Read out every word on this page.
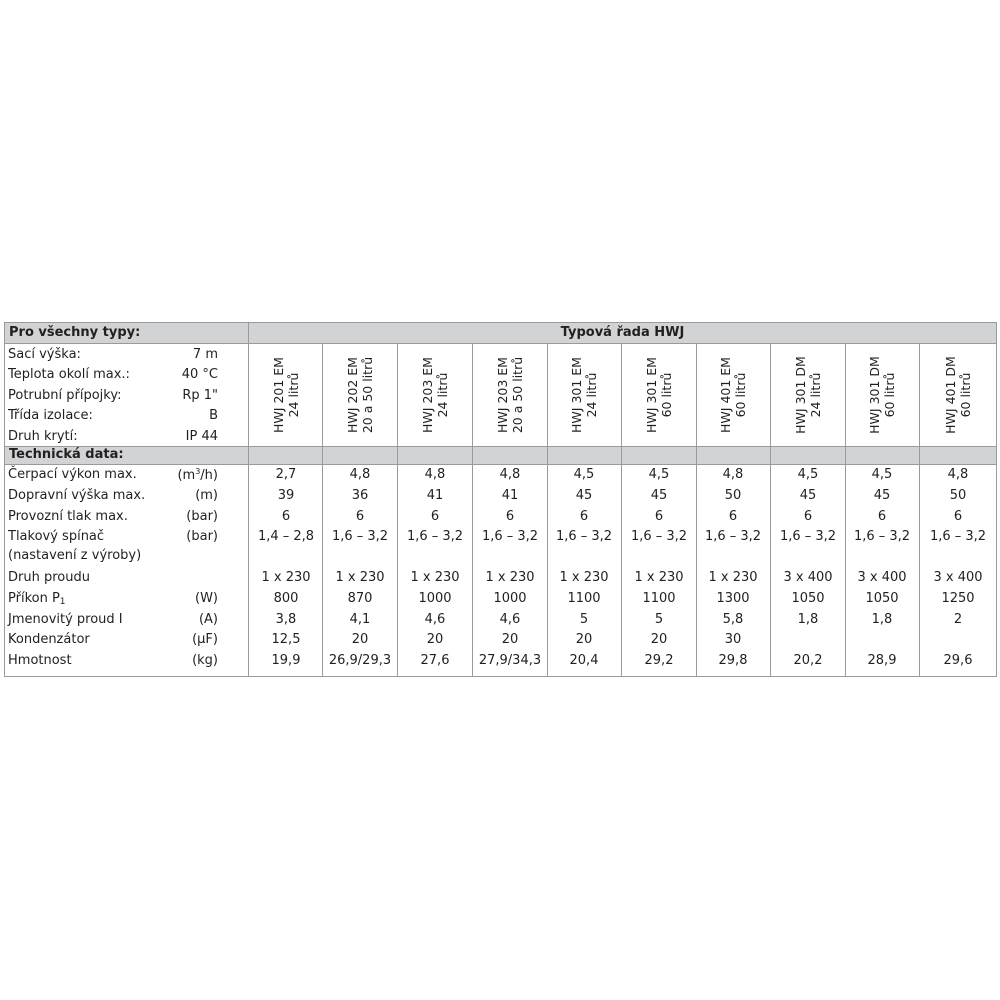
Pro všechny typy:	Typová řada HWJ
Technická data:
Sací výška:	7 m
Teplota okolí max.:	40 °C
Potrubní přípojky:	Rp 1"
Třída izolace:	B
Druh krytí:	IP 44
HWJ 201 EM 24 litrů	HWJ 202 EM 20 a 50 litrů	HWJ 203 EM 24 litrů	HWJ 203 EM 20 a 50 litrů	HWJ 301 EM 24 litrů	HWJ 301 EM 60 litrů	HWJ 401 EM 60 litrů	HWJ 301 DM 24 litrů	HWJ 301 DM 60 litrů	HWJ 401 DM 60 litrů
Čerpací výkon max.	$(m^3/h)$	2,7	4,8	4,8	4,8	4,5	4,5	4,8	4,5	4,5	4,8
Dopravní výška max.	(m)	39	36	41	41	45	45	50	45	45	50
Provozní tlak max.	(bar)	6	6	6	6	6	6	6	6	6	6
Tlakový spínač
(nastavení z výroby)
(bar)	1,4 – 2,8	1,6 – 3,2	1,6 – 3,2	1,6 – 3,2	1,6 – 3,2	1,6 – 3,2	1,6 – 3,2	1,6 – 3,2	1,6 – 3,2	1,6 – 3,2
Druh proudu	1 x 230	1 x 230	1 x 230	1 x 230	1 x 230	1 x 230	1 x 230	3 x 400	3 x 400	3 x 400
Příkon $P_1$	(W)	800	870	1000	1000	1100	1100	1300	1050	1050	1250
Jmenovitý proud I	(A)	3,8	4,1	4,6	4,6	5	5	5,8	1,8	1,8	2
Kondenzátor	(µF)	12,5	20	20	20	20	20	30
Hmotnost	(kg)	19,9	26,9/29,3	27,6	27,9/34,3	20,4	29,2	29,8	20,2	28,9	29,6
